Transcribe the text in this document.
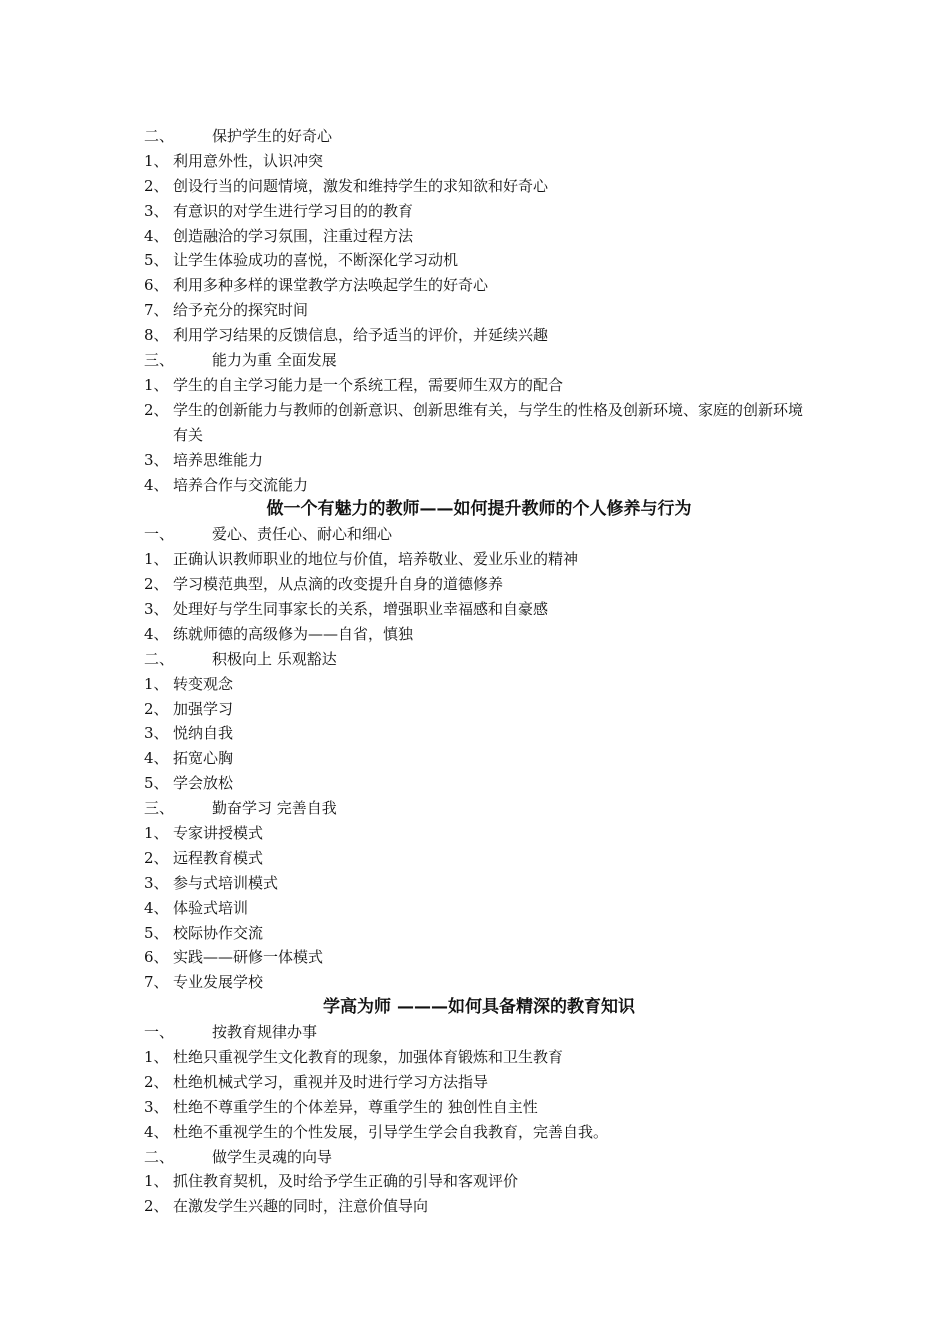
二、	保护学生的好奇心
1、 利用意外性，认识冲突
2、 创设行当的问题情境，激发和维持学生的求知欲和好奇心
3、 有意识的对学生进行学习目的的教育
4、 创造融洽的学习氛围，注重过程方法
5、 让学生体验成功的喜悦，不断深化学习动机
6、 利用多种多样的课堂教学方法唤起学生的好奇心
7、 给予充分的探究时间
8、 利用学习结果的反馈信息，给予适当的评价，并延续兴趣
三、	能力为重 全面发展
1、 学生的自主学习能力是一个系统工程，需要师生双方的配合
2、 学生的创新能力与教师的创新意识、创新思维有关，与学生的性格及创新环境、家庭的创新环境有关
3、 培养思维能力
4、 培养合作与交流能力
做一个有魅力的教师——如何提升教师的个人修养与行为
一、	爱心、责任心、耐心和细心
1、 正确认识教师职业的地位与价值，培养敬业、爱业乐业的精神
2、 学习模范典型，从点滴的改变提升自身的道德修养
3、 处理好与学生同事家长的关系，增强职业幸福感和自豪感
4、 练就师德的高级修为——自省，慎独
二、	积极向上 乐观豁达
1、 转变观念
2、 加强学习
3、 悦纳自我
4、 拓宽心胸
5、 学会放松
三、	勤奋学习 完善自我
1、 专家讲授模式
2、 远程教育模式
3、 参与式培训模式
4、 体验式培训
5、 校际协作交流
6、 实践——研修一体模式
7、 专业发展学校
学高为师 ———如何具备精深的教育知识
一、	按教育规律办事
1、 杜绝只重视学生文化教育的现象，加强体育锻炼和卫生教育
2、 杜绝机械式学习，重视并及时进行学习方法指导
3、 杜绝不尊重学生的个体差异，尊重学生的 独创性自主性
4、 杜绝不重视学生的个性发展，引导学生学会自我教育，完善自我。
二、	做学生灵魂的向导
1、 抓住教育契机，及时给予学生正确的引导和客观评价
2、 在激发学生兴趣的同时，注意价值导向
